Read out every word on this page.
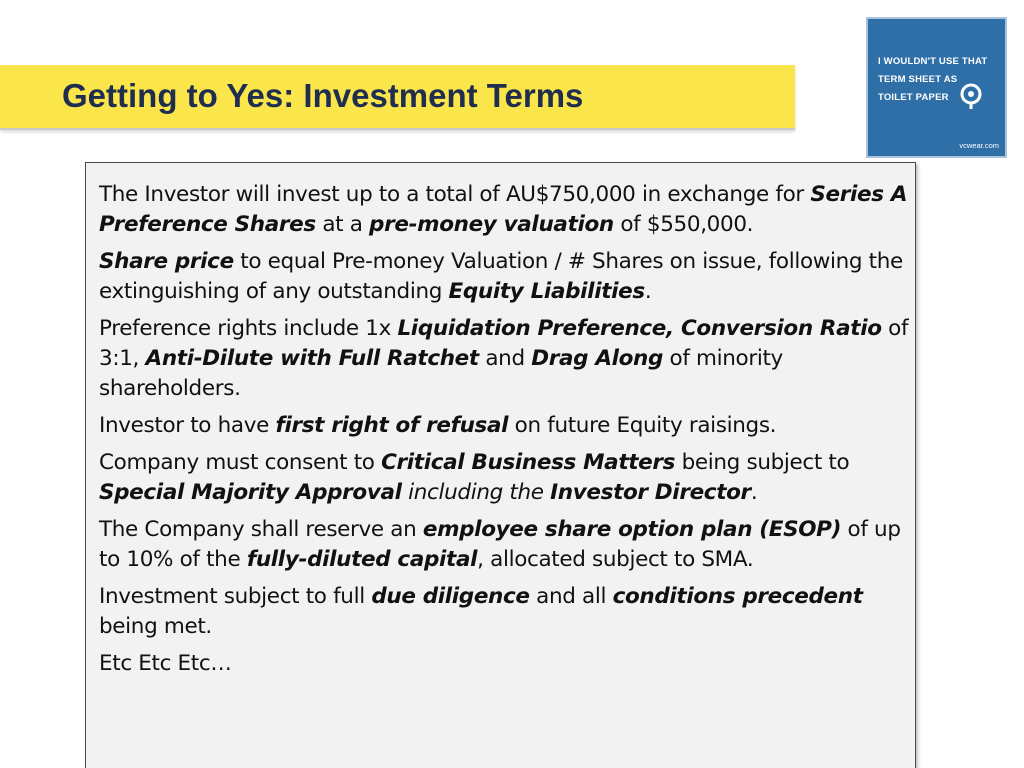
Getting to Yes: Investment Terms
I WOULDN'T USE THAT
TERM SHEET AS
TOILET PAPER
vcwear.com

The Investor will invest up to a total of AU$750,000 in exchange for Series A Preference Shares at a pre-money valuation of $550,000.

Share price to equal Pre-money Valuation / # Shares on issue, following the extinguishing of any outstanding Equity Liabilities.

Preference rights include 1x Liquidation Preference, Conversion Ratio of 3:1, Anti-Dilute with Full Ratchet and Drag Along of minority shareholders.

Investor to have first right of refusal on future Equity raisings.

Company must consent to Critical Business Matters being subject to Special Majority Approval including the Investor Director.

The Company shall reserve an employee share option plan (ESOP) of up to 10% of the fully-diluted capital, allocated subject to SMA.

Investment subject to full due diligence and all conditions precedent being met.

Etc Etc Etc…
